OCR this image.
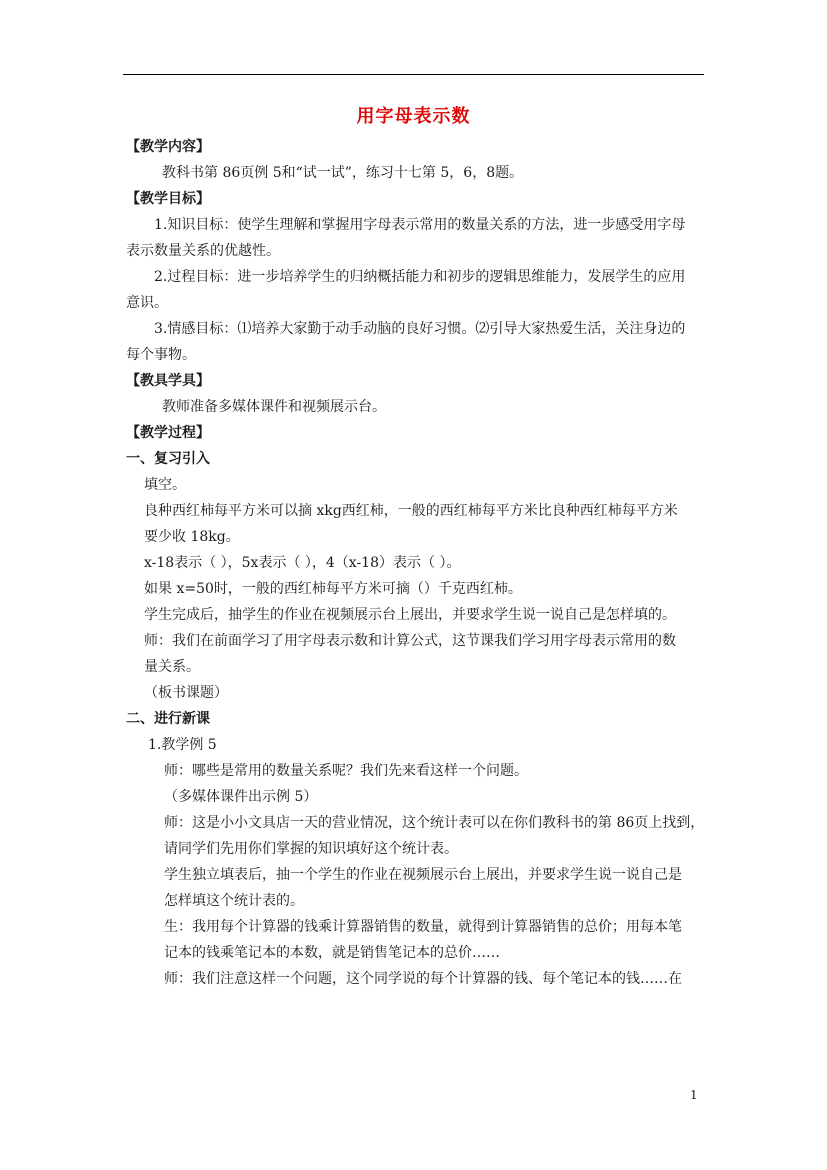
用字母表示数
【教学内容】
教科书第 86页例 5和“试一试”，练习十七第 5，6，8题。
【教学目标】
1.知识目标：使学生理解和掌握用字母表示常用的数量关系的方法，进一步感受用字母
表示数量关系的优越性。
2.过程目标：进一步培养学生的归纳概括能力和初步的逻辑思维能力，发展学生的应用
意识。
3.情感目标：⑴培养大家勤于动手动脑的良好习惯。⑵引导大家热爱生活，关注身边的
每个事物。
【教具学具】
教师准备多媒体课件和视频展示台。
【教学过程】
一、复习引入
填空。
良种西红柿每平方米可以摘 xkg西红柿，一般的西红柿每平方米比良种西红柿每平方米
要少收 18kg。
x-18表示（ ），5x表示（ ），4（x-18）表示（ ）。
如果 x=50时，一般的西红柿每平方米可摘（）千克西红柿。
学生完成后，抽学生的作业在视频展示台上展出，并要求学生说一说自己是怎样填的。
师：我们在前面学习了用字母表示数和计算公式，这节课我们学习用字母表示常用的数
量关系。
（板书课题）
二、进行新课
1.教学例 5
师：哪些是常用的数量关系呢？我们先来看这样一个问题。
（多媒体课件出示例 5）
师：这是小小文具店一天的营业情况，这个统计表可以在你们教科书的第 86页上找到，
请同学们先用你们掌握的知识填好这个统计表。
学生独立填表后，抽一个学生的作业在视频展示台上展出，并要求学生说一说自己是
怎样填这个统计表的。
生：我用每个计算器的钱乘计算器销售的数量，就得到计算器销售的总价；用每本笔
记本的钱乘笔记本的本数，就是销售笔记本的总价……
师：我们注意这样一个问题，这个同学说的每个计算器的钱、每个笔记本的钱……在
1
